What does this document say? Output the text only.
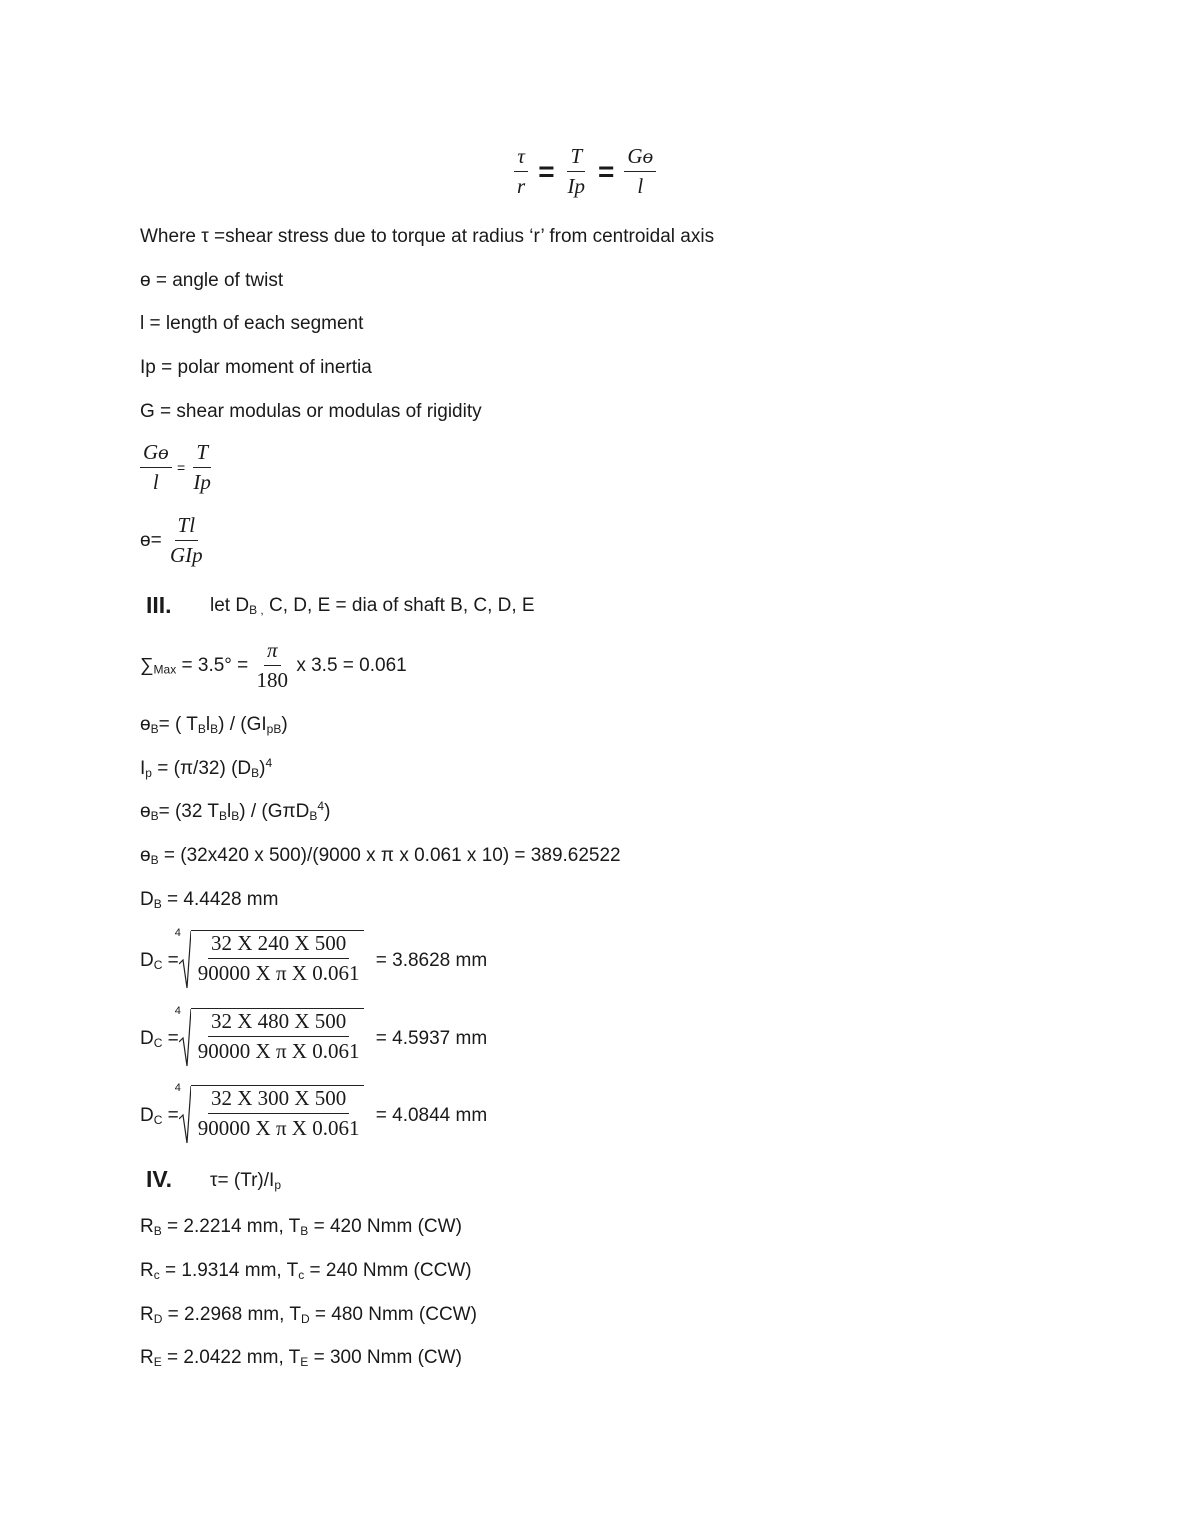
$\frac{\tau}{r} = \frac{T}{Ip} = \frac{\text{Gɵ}}{l}$
Where τ =shear stress due to torque at radius ‘r’ from centroidal axis
ɵ = angle of twist
l = length of each segment
Ip = polar moment of inertia
G = shear modulas or modulas of rigidity
$\frac{\text{Gɵ}}{l} = \frac{T}{Ip}$
ɵ= $\frac{Tl}{\text{GIp}}$
III. let $D_{B ,}$ C, D, E = dia of shaft B, C, D, E
$\sum_{Max} = 3.5^\circ = \frac{\pi}{180}$ x 3.5 = 0.061
ɵ$_B$= ( $T_Bl_B) / (GI_{pB})$
$I_p = (\pi/32)$ $(D_B)^4$
ɵ$_B$= (32 $T_Bl_B) / (G\pi D_B^4)$
ɵ$_B$ = (32x420 x 500)/(9000 x π x 0.061 x 10) = 389.62522
$D_B = 4.4428$ mm
$D_C$ =
$4 \frac{32 X 240 X 500}{\text{90000 X π X 0.061}} = 3.8628$ mm
$D_C$ =
$4 \frac{32 X 480 X 500}{\text{90000 X π X 0.061}} = 4.5937$ mm
$D_C$ =
$4 \frac{32 X 300 X 500}{\text{90000 X π X 0.061}} = 4.0844$ mm
IV. $\tau= (Tr)/I_p$
$R_B = 2.2214$ mm, $T_B = 420$ Nmm (CW)
$R_c = 1.9314$ mm, $T_c = 240$ Nmm (CCW)
$R_D = 2.2968$ mm, $T_D = 480$ Nmm (CCW)
$R_E = 2.0422$ mm, $T_E = 300$ Nmm (CW)
